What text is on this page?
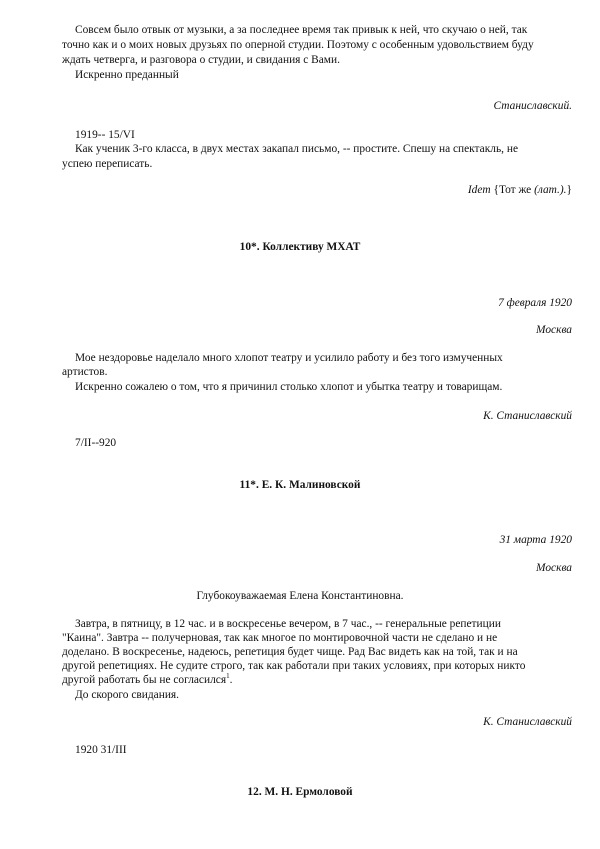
Совсем было отвык от музыки, а за последнее время так привык к ней, что скучаю о ней, так
точно как и о моих новых друзьях по оперной студии. Поэтому с особенным удовольствием буду
ждать четверга, и разговора о студии, и свидания с Вами.
Искренно преданный
Станиславский.
1919-- 15/VI
Как ученик 3-го класса, в двух местах закапал письмо, -- простите. Спешу на спектакль, не
успею переписать.
Idem {Тот же (лат.).}
10*. Коллективу МХАТ
7 февраля 1920
Москва
Мое нездоровье наделало много хлопот театру и усилило работу и без того измученных
артистов.
Искренно сожалею о том, что я причинил столько хлопот и убытка театру и товарищам.
К. Станиславский
7/II--920
11*. Е. К. Малиновской
31 марта 1920
Москва
Глубокоуважаемая Елена Константиновна.
Завтра, в пятницу, в 12 час. и в воскресенье вечером, в 7 час., -- генеральные репетиции
"Каина". Завтра -- получерновая, так как многое по монтировочной части не сделано и не
доделано. В воскресенье, надеюсь, репетиция будет чище. Рад Вас видеть как на той, так и на
другой репетициях. Не судите строго, так как работали при таких условиях, при которых никто
другой работать бы не согласился$^1$.
До скорого свидания.
К. Станиславский
1920 31/III
12. М. Н. Ермоловой
